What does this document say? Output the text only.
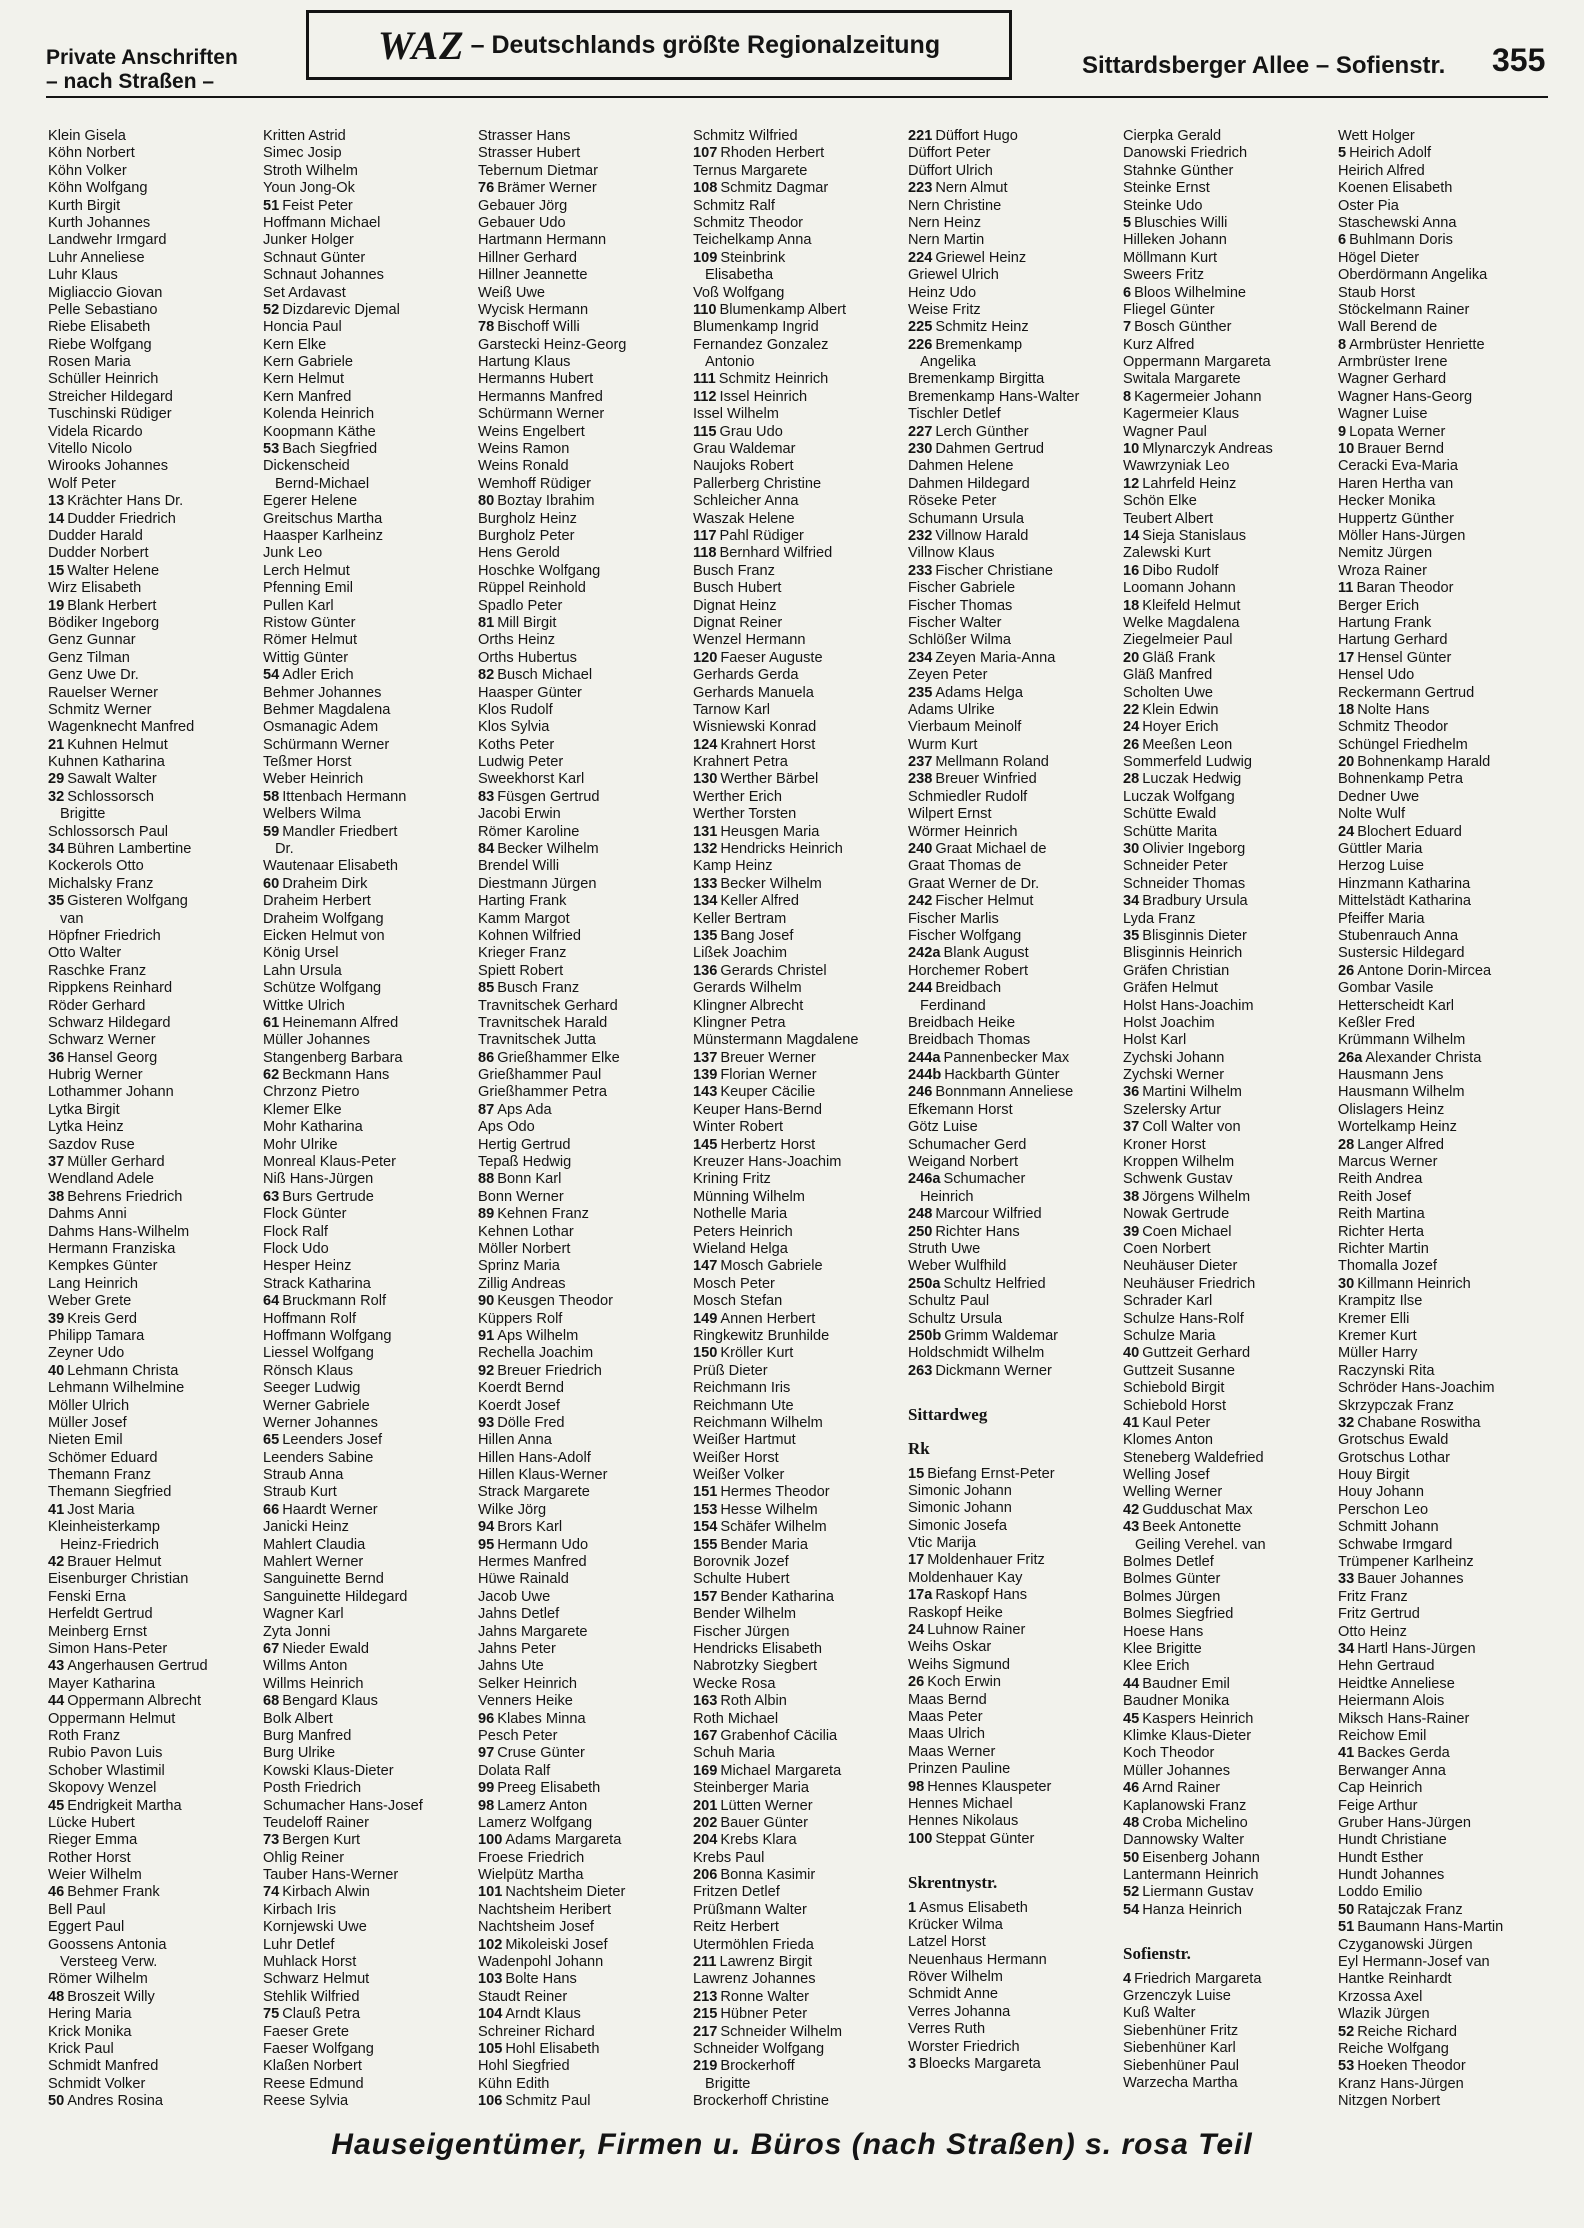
Private Anschriften
– nach Straßen –
WAZ – Deutschlands größte Regionalzeitung
Sittardsberger Allee – Sofienstr. 355
Klein Gisela
Köhn Norbert
Köhn Volker
Köhn Wolfgang
Kurth Birgit
Kurth Johannes
Landwehr Irmgard
Luhr Anneliese
Luhr Klaus
Migliaccio Giovan
Pelle Sebastiano
Riebe Elisabeth
Riebe Wolfgang
Rosen Maria
Schüller Heinrich
Streicher Hildegard
Tuschinski Rüdiger
Videla Ricardo
Vitello Nicolo
Wirooks Johannes
Wolf Peter
13 Krächter Hans Dr.
14 Dudder Friedrich
Dudder Harald
Dudder Norbert
15 Walter Helene
Wirz Elisabeth
19 Blank Herbert
Bödiker Ingeborg
Genz Gunnar
Genz Tilman
Genz Uwe Dr.
Rauelser Werner
Schmitz Werner
Wagenknecht Manfred
21 Kuhnen Helmut
Kuhnen Katharina
29 Sawalt Walter
32 Schlossorsch
Brigitte
Schlossorsch Paul
34 Bühren Lambertine
Kockerols Otto
Michalsky Franz
35 Gisteren Wolfgang
van
Höpfner Friedrich
Otto Walter
Raschke Franz
Rippkens Reinhard
Röder Gerhard
Schwarz Hildegard
Schwarz Werner
36 Hansel Georg
Hubrig Werner
Lothammer Johann
Lytka Birgit
Lytka Heinz
Sazdov Ruse
37 Müller Gerhard
Wendland Adele
38 Behrens Friedrich
Dahms Anni
Dahms Hans-Wilhelm
Hermann Franziska
Kempkes Günter
Lang Heinrich
Weber Grete
39 Kreis Gerd
Philipp Tamara
Zeyner Udo
40 Lehmann Christa
Lehmann Wilhelmine
Möller Ulrich
Müller Josef
Nieten Emil
Schömer Eduard
Themann Franz
Themann Siegfried
41 Jost Maria
Kleinheisterkamp
Heinz-Friedrich
42 Brauer Helmut
Eisenburger Christian
Fenski Erna
Herfeldt Gertrud
Meinberg Ernst
Simon Hans-Peter
43 Angerhausen Gertrud
Mayer Katharina
44 Oppermann Albrecht
Oppermann Helmut
Roth Franz
Rubio Pavon Luis
Schober Wlastimil
Skopovy Wenzel
45 Endrigkeit Martha
Lücke Hubert
Rieger Emma
Rother Horst
Weier Wilhelm
46 Behmer Frank
Bell Paul
Eggert Paul
Goossens Antonia
Versteeg Verw.
Römer Wilhelm
48 Broszeit Willy
Hering Maria
Krick Monika
Krick Paul
Schmidt Manfred
Schmidt Volker
50 Andres Rosina
Kritten Astrid
Simec Josip
Stroth Wilhelm
Youn Jong-Ok
51 Feist Peter
Hoffmann Michael
Junker Holger
Schnaut Günter
Schnaut Johannes
Set Ardavast
52 Dizdarevic Djemal
Honcia Paul
Kern Elke
Kern Gabriele
Kern Helmut
Kern Manfred
Kolenda Heinrich
Koopmann Käthe
53 Bach Siegfried
Dickenscheid
Bernd-Michael
Egerer Helene
Greitschus Martha
Haasper Karlheinz
Junk Leo
Lerch Helmut
Pfenning Emil
Pullen Karl
Ristow Günter
Römer Helmut
Wittig Günter
54 Adler Erich
Behmer Johannes
Behmer Magdalena
Osmanagic Adem
Schürmann Werner
Teßmer Horst
Weber Heinrich
58 Ittenbach Hermann
Welbers Wilma
59 Mandler Friedbert
Dr.
Wautenaar Elisabeth
60 Draheim Dirk
Draheim Herbert
Draheim Wolfgang
Eicken Helmut von
König Ursel
Lahn Ursula
Schütze Wolfgang
Wittke Ulrich
61 Heinemann Alfred
Müller Johannes
Stangenberg Barbara
62 Beckmann Hans
Chrzonz Pietro
Klemer Elke
Mohr Katharina
Mohr Ulrike
Monreal Klaus-Peter
Niß Hans-Jürgen
63 Burs Gertrude
Flock Günter
Flock Ralf
Flock Udo
Hesper Heinz
Strack Katharina
64 Bruckmann Rolf
Hoffmann Rolf
Hoffmann Wolfgang
Liessel Wolfgang
Rönsch Klaus
Seeger Ludwig
Werner Gabriele
Werner Johannes
65 Leenders Josef
Leenders Sabine
Straub Anna
Straub Kurt
66 Haardt Werner
Janicki Heinz
Mahlert Claudia
Mahlert Werner
Sanguinette Bernd
Sanguinette Hildegard
Wagner Karl
Zyta Jonni
67 Nieder Ewald
Willms Anton
Willms Heinrich
68 Bengard Klaus
Bolk Albert
Burg Manfred
Burg Ulrike
Kowski Klaus-Dieter
Posth Friedrich
Schumacher Hans-Josef
Teudeloff Rainer
73 Bergen Kurt
Ohlig Reiner
Tauber Hans-Werner
74 Kirbach Alwin
Kirbach Iris
Kornjewski Uwe
Luhr Detlef
Muhlack Horst
Schwarz Helmut
Stehlik Wilfried
75 Clauß Petra
Faeser Grete
Faeser Wolfgang
Klaßen Norbert
Reese Edmund
Reese Sylvia
Strasser Hans
Strasser Hubert
Tebernum Dietmar
76 Brämer Werner
Gebauer Jörg
Gebauer Udo
Hartmann Hermann
Hillner Gerhard
Hillner Jeannette
Weiß Uwe
Wycisk Hermann
78 Bischoff Willi
Garstecki Heinz-Georg
Hartung Klaus
Hermanns Hubert
Hermanns Manfred
Schürmann Werner
Weins Engelbert
Weins Ramon
Weins Ronald
Wemhoff Rüdiger
80 Boztay Ibrahim
Burgholz Heinz
Burgholz Peter
Hens Gerold
Hoschke Wolfgang
Rüppel Reinhold
Spadlo Peter
81 Mill Birgit
Orths Heinz
Orths Hubertus
82 Busch Michael
Haasper Günter
Klos Rudolf
Klos Sylvia
Koths Peter
Ludwig Peter
Sweekhorst Karl
83 Füsgen Gertrud
Jacobi Erwin
Römer Karoline
84 Becker Wilhelm
Brendel Willi
Diestmann Jürgen
Harting Frank
Kamm Margot
Kohnen Wilfried
Krieger Franz
Spiett Robert
85 Busch Franz
Travnitschek Gerhard
Travnitschek Harald
Travnitschek Jutta
86 Grießhammer Elke
Grießhammer Paul
Grießhammer Petra
87 Aps Ada
Aps Odo
Hertig Gertrud
Tepaß Hedwig
88 Bonn Karl
Bonn Werner
89 Kehnen Franz
Kehnen Lothar
Möller Norbert
Sprinz Maria
Zillig Andreas
90 Keusgen Theodor
Küppers Rolf
91 Aps Wilhelm
Rechella Joachim
92 Breuer Friedrich
Koerdt Bernd
Koerdt Josef
93 Dölle Fred
Hillen Anna
Hillen Hans-Adolf
Hillen Klaus-Werner
Strack Margarete
Wilke Jörg
94 Brors Karl
95 Hermann Udo
Hermes Manfred
Hüwe Rainald
Jacob Uwe
Jahns Detlef
Jahns Margarete
Jahns Peter
Jahns Ute
Selker Heinrich
Venners Heike
96 Klabes Minna
Pesch Peter
97 Cruse Günter
Dolata Ralf
99 Preeg Elisabeth
98 Lamerz Anton
Lamerz Wolfgang
100 Adams Margareta
Froese Friedrich
Wielpütz Martha
101 Nachtsheim Dieter
Nachtsheim Heribert
Nachtsheim Josef
102 Mikoleiski Josef
Wadenpohl Johann
103 Bolte Hans
Staudt Reiner
104 Arndt Klaus
Schreiner Richard
105 Hohl Elisabeth
Hohl Siegfried
Kühn Edith
106 Schmitz Paul
Schmitz Wilfried
107 Rhoden Herbert
Ternus Margarete
108 Schmitz Dagmar
Schmitz Ralf
Schmitz Theodor
Teichelkamp Anna
109 Steinbrink
Elisabetha
Voß Wolfgang
110 Blumenkamp Albert
Blumenkamp Ingrid
Fernandez Gonzalez
Antonio
111 Schmitz Heinrich
112 Issel Heinrich
Issel Wilhelm
115 Grau Udo
Grau Waldemar
Naujoks Robert
Pallerberg Christine
Schleicher Anna
Waszak Helene
117 Pahl Rüdiger
118 Bernhard Wilfried
Busch Franz
Busch Hubert
Dignat Heinz
Dignat Reiner
Wenzel Hermann
120 Faeser Auguste
Gerhards Gerda
Gerhards Manuela
Tarnow Karl
Wisniewski Konrad
124 Krahnert Horst
Krahnert Petra
130 Werther Bärbel
Werther Erich
Werther Torsten
131 Heusgen Maria
132 Hendricks Heinrich
Kamp Heinz
133 Becker Wilhelm
134 Keller Alfred
Keller Bertram
135 Bang Josef
Lißek Joachim
136 Gerards Christel
Gerards Wilhelm
Klingner Albrecht
Klingner Petra
Münstermann Magdalene
137 Breuer Werner
139 Florian Werner
143 Keuper Cäcilie
Keuper Hans-Bernd
Winter Robert
145 Herbertz Horst
Kreuzer Hans-Joachim
Krining Fritz
Münning Wilhelm
Nothelle Maria
Peters Heinrich
Wieland Helga
147 Mosch Gabriele
Mosch Peter
Mosch Stefan
149 Annen Herbert
Ringkewitz Brunhilde
150 Kröller Kurt
Prüß Dieter
Reichmann Iris
Reichmann Ute
Reichmann Wilhelm
Weißer Hartmut
Weißer Horst
Weißer Volker
151 Hermes Theodor
153 Hesse Wilhelm
154 Schäfer Wilhelm
155 Bender Maria
Borovnik Jozef
Schulte Hubert
157 Bender Katharina
Bender Wilhelm
Fischer Jürgen
Hendricks Elisabeth
Nabrotzky Siegbert
Wecke Rosa
163 Roth Albin
Roth Michael
167 Grabenhof Cäcilia
Schuh Maria
169 Michael Margareta
Steinberger Maria
201 Lütten Werner
202 Bauer Günter
204 Krebs Klara
Krebs Paul
206 Bonna Kasimir
Fritzen Detlef
Prüßmann Walter
Reitz Herbert
Utermöhlen Frieda
211 Lawrenz Birgit
Lawrenz Johannes
213 Ronne Walter
215 Hübner Peter
217 Schneider Wilhelm
Schneider Wolfgang
219 Brockerhoff
Brigitte
Brockerhoff Christine
221 Düffort Hugo
Düffort Peter
Düffort Ulrich
223 Nern Almut
Nern Christine
Nern Heinz
Nern Martin
224 Griewel Heinz
Griewel Ulrich
Heinz Udo
Weise Fritz
225 Schmitz Heinz
226 Bremenkamp
Angelika
Bremenkamp Birgitta
Bremenkamp Hans-Walter
Tischler Detlef
227 Lerch Günther
230 Dahmen Gertrud
Dahmen Helene
Dahmen Hildegard
Röseke Peter
Schumann Ursula
232 Villnow Harald
Villnow Klaus
233 Fischer Christiane
Fischer Gabriele
Fischer Thomas
Fischer Walter
Schlößer Wilma
234 Zeyen Maria-Anna
Zeyen Peter
235 Adams Helga
Adams Ulrike
Vierbaum Meinolf
Wurm Kurt
237 Mellmann Roland
238 Breuer Winfried
Schmiedler Rudolf
Wilpert Ernst
Wörmer Heinrich
240 Graat Michael de
Graat Thomas de
Graat Werner de Dr.
242 Fischer Helmut
Fischer Marlis
Fischer Wolfgang
242a Blank August
Horchemer Robert
244 Breidbach
Ferdinand
Breidbach Heike
Breidbach Thomas
244a Pannenbecker Max
244b Hackbarth Günter
246 Bonnmann Anneliese
Efkemann Horst
Götz Luise
Schumacher Gerd
Weigand Norbert
246a Schumacher
Heinrich
248 Marcour Wilfried
250 Richter Hans
Struth Uwe
Weber Wulfhild
250a Schultz Helfried
Schultz Paul
Schultz Ursula
250b Grimm Waldemar
Holdschmidt Wilhelm
263 Dickmann Werner
Sittardweg
Rk
15 Biefang Ernst-Peter
Simonic Johann
Simonic Johann
Simonic Josefa
Vtic Marija
17 Moldenhauer Fritz
Moldenhauer Kay
17a Raskopf Hans
Raskopf Heike
24 Luhnow Rainer
Weihs Oskar
Weihs Sigmund
26 Koch Erwin
Maas Bernd
Maas Peter
Maas Ulrich
Maas Werner
Prinzen Pauline
98 Hennes Klauspeter
Hennes Michael
Hennes Nikolaus
100 Steppat Günter
Skrentnystr.
1 Asmus Elisabeth
Krücker Wilma
Latzel Horst
Neuenhaus Hermann
Röver Wilhelm
Schmidt Anne
Verres Johanna
Verres Ruth
Worster Friedrich
3 Bloecks Margareta
Cierpka Gerald
Danowski Friedrich
Stahnke Günther
Steinke Ernst
Steinke Udo
5 Bluschies Willi
Hilleken Johann
Möllmann Kurt
Sweers Fritz
6 Bloos Wilhelmine
Fliegel Günter
7 Bosch Günther
Kurz Alfred
Oppermann Margareta
Switala Margarete
8 Kagermeier Johann
Kagermeier Klaus
Wagner Paul
10 Mlynarczyk Andreas
Wawrzyniak Leo
12 Lahrfeld Heinz
Schön Elke
Teubert Albert
14 Sieja Stanislaus
Zalewski Kurt
16 Dibo Rudolf
Loomann Johann
18 Kleifeld Helmut
Welke Magdalena
Ziegelmeier Paul
20 Gläß Frank
Gläß Manfred
Scholten Uwe
22 Klein Edwin
24 Hoyer Erich
26 Meeßen Leon
Sommerfeld Ludwig
28 Luczak Hedwig
Luczak Wolfgang
Schütte Ewald
Schütte Marita
30 Olivier Ingeborg
Schneider Peter
Schneider Thomas
34 Bradbury Ursula
Lyda Franz
35 Blisginnis Dieter
Blisginnis Heinrich
Gräfen Christian
Gräfen Helmut
Holst Hans-Joachim
Holst Joachim
Holst Karl
Zychski Johann
Zychski Werner
36 Martini Wilhelm
Szelersky Artur
37 Coll Walter von
Kroner Horst
Kroppen Wilhelm
Schwenk Gustav
38 Jörgens Wilhelm
Nowak Gertrude
39 Coen Michael
Coen Norbert
Neuhäuser Dieter
Neuhäuser Friedrich
Schrader Karl
Schulze Hans-Rolf
Schulze Maria
40 Guttzeit Gerhard
Guttzeit Susanne
Schiebold Birgit
Schiebold Horst
41 Kaul Peter
Klomes Anton
Steneberg Waldefried
Welling Josef
Welling Werner
42 Gudduschat Max
43 Beek Antonette
Geiling Verehel. van
Bolmes Detlef
Bolmes Günter
Bolmes Jürgen
Bolmes Siegfried
Hoese Hans
Klee Brigitte
Klee Erich
44 Baudner Emil
Baudner Monika
45 Kaspers Heinrich
Klimke Klaus-Dieter
Koch Theodor
Müller Johannes
46 Arnd Rainer
Kaplanowski Franz
48 Croba Michelino
Dannowsky Walter
50 Eisenberg Johann
Lantermann Heinrich
52 Liermann Gustav
54 Hanza Heinrich
Sofienstr.
4 Friedrich Margareta
Grzenczyk Luise
Kuß Walter
Siebenhüner Fritz
Siebenhüner Karl
Siebenhüner Paul
Warzecha Martha
Wett Holger
5 Heirich Adolf
Heirich Alfred
Koenen Elisabeth
Oster Pia
Staschewski Anna
6 Buhlmann Doris
Högel Dieter
Oberdörmann Angelika
Staub Horst
Stöckelmann Rainer
Wall Berend de
8 Armbrüster Henriette
Armbrüster Irene
Wagner Gerhard
Wagner Hans-Georg
Wagner Luise
9 Lopata Werner
10 Brauer Bernd
Ceracki Eva-Maria
Haren Hertha van
Hecker Monika
Huppertz Günther
Möller Hans-Jürgen
Nemitz Jürgen
Wroza Rainer
11 Baran Theodor
Berger Erich
Hartung Frank
Hartung Gerhard
17 Hensel Günter
Hensel Udo
Reckermann Gertrud
18 Nolte Hans
Schmitz Theodor
Schüngel Friedhelm
20 Bohnenkamp Harald
Bohnenkamp Petra
Dedner Uwe
Nolte Wulf
24 Blochert Eduard
Güttler Maria
Herzog Luise
Hinzmann Katharina
Mittelstädt Katharina
Pfeiffer Maria
Stubenrauch Anna
Sustersic Hildegard
26 Antone Dorin-Mircea
Gombar Vasile
Hetterscheidt Karl
Keßler Fred
Krümmann Wilhelm
26a Alexander Christa
Hausmann Jens
Hausmann Wilhelm
Olislagers Heinz
Wortelkamp Heinz
28 Langer Alfred
Marcus Werner
Reith Andrea
Reith Josef
Reith Martina
Richter Herta
Richter Martin
Thomalla Jozef
30 Killmann Heinrich
Krampitz Ilse
Kremer Elli
Kremer Kurt
Müller Harry
Raczynski Rita
Schröder Hans-Joachim
Skrzypczak Franz
32 Chabane Roswitha
Grotschus Ewald
Grotschus Lothar
Houy Birgit
Houy Johann
Perschon Leo
Schmitt Johann
Schwabe Irmgard
Trümpener Karlheinz
33 Bauer Johannes
Fritz Franz
Fritz Gertrud
Otto Heinz
34 Hartl Hans-Jürgen
Hehn Gertraud
Heidtke Anneliese
Heiermann Alois
Miksch Hans-Rainer
Reichow Emil
41 Backes Gerda
Berwanger Anna
Cap Heinrich
Feige Arthur
Gruber Hans-Jürgen
Hundt Christiane
Hundt Esther
Hundt Johannes
Loddo Emilio
50 Ratajczak Franz
51 Baumann Hans-Martin
Czyganowski Jürgen
Eyl Hermann-Josef van
Hantke Reinhardt
Krzossa Axel
Wlazik Jürgen
52 Reiche Richard
Reiche Wolfgang
53 Hoeken Theodor
Kranz Hans-Jürgen
Nitzgen Norbert
Hauseigentümer, Firmen u. Büros (nach Straßen) s. rosa Teil
